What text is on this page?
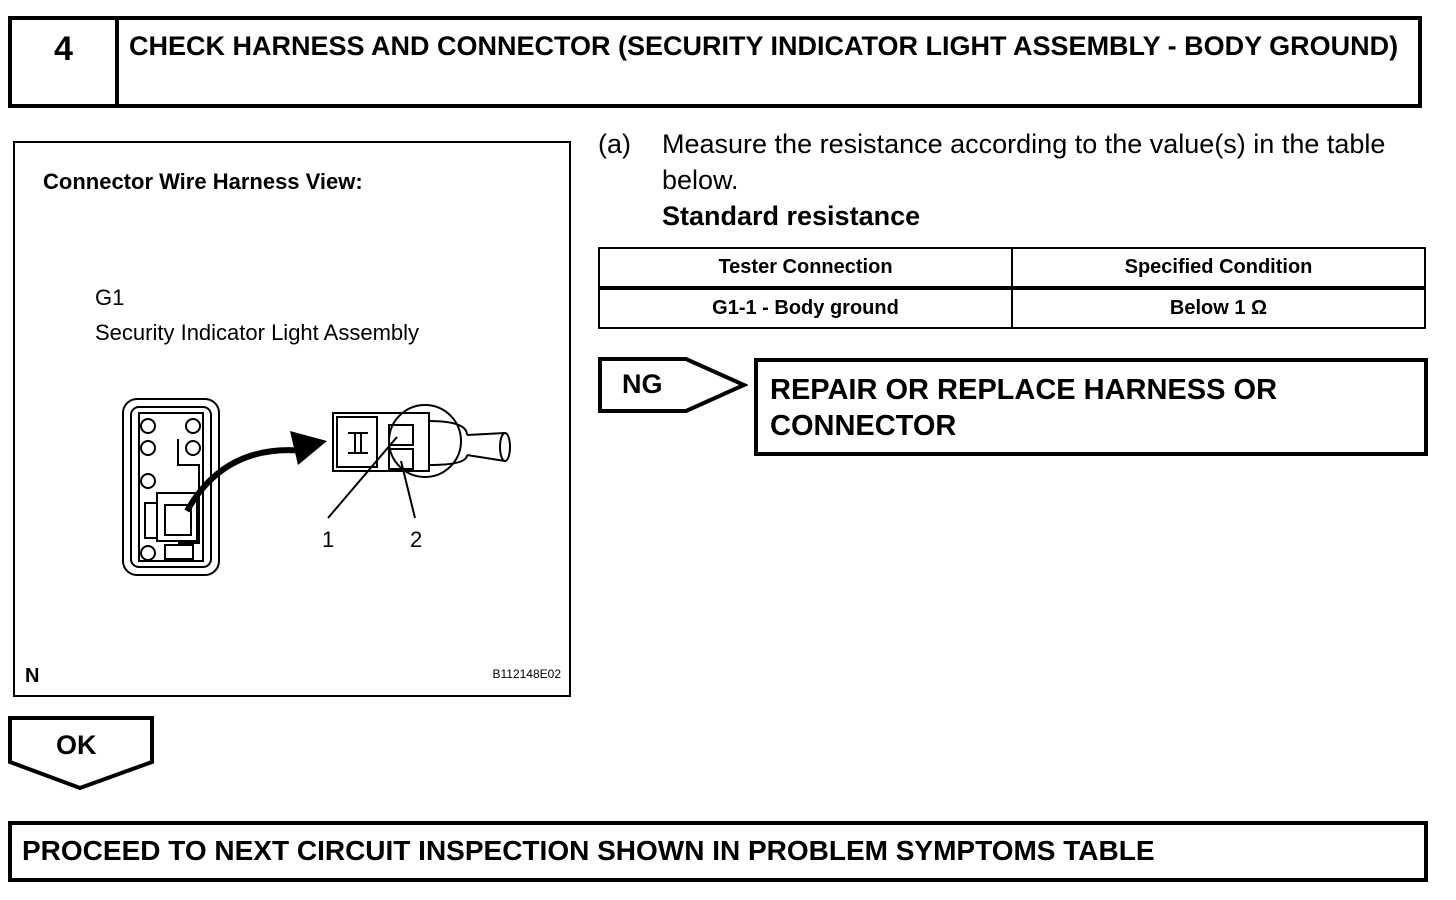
4	CHECK HARNESS AND CONNECTOR (SECURITY INDICATOR LIGHT ASSEMBLY - BODY GROUND)
Connector Wire Harness View:
G1
Security Indicator Light Assembly
1	2
N	B112148E02
(a)	Measure the resistance according to the value(s) in the table below.
Standard resistance
Tester Connection	Specified Condition
G1-1 - Body ground	Below 1 Ω
NG	REPAIR OR REPLACE HARNESS OR CONNECTOR
OK
PROCEED TO NEXT CIRCUIT INSPECTION SHOWN IN PROBLEM SYMPTOMS TABLE
